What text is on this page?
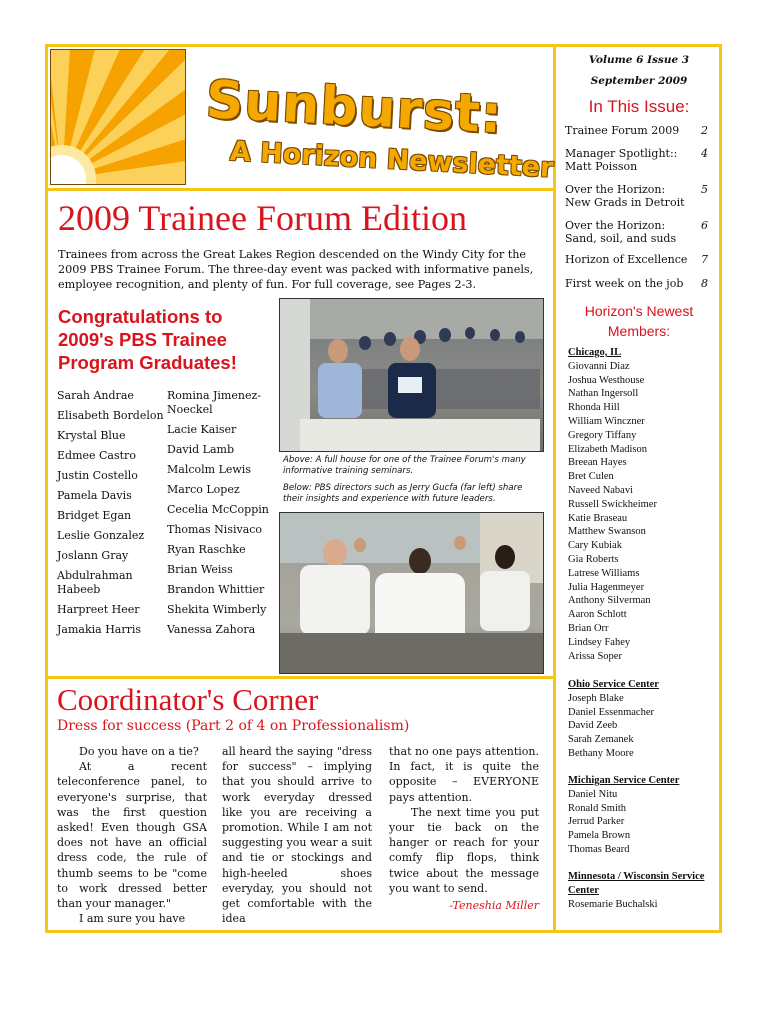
Sunburst:
A Horizon Newsletter
2009 Trainee Forum Edition
Trainees from across the Great Lakes Region descended on the Windy City for the 2009 PBS Trainee Forum. The three-day event was packed with informative panels, employee recognition, and plenty of fun. For full coverage, see Pages 2-3.
Congratulations to 2009's PBS Trainee Program Graduates!
Sarah Andrae
Elisabeth Bordelon
Krystal Blue
Edmee Castro
Justin Costello
Pamela Davis
Bridget Egan
Leslie Gonzalez
Joslann Gray
Abdulrahman Habeeb
Harpreet Heer
Jamakia Harris
Romina Jimenez-Noeckel
Lacie Kaiser
David Lamb
Malcolm Lewis
Marco Lopez
Cecelia McCoppin
Thomas Nisivaco
Ryan Raschke
Brian Weiss
Brandon Whittier
Shekita Wimberly
Vanessa Zahora
Above: A full house for one of the Trainee Forum's many informative training seminars.
Below: PBS directors such as Jerry Gucfa (far left) share their insights and experience with future leaders.
Coordinator's Corner
Dress for success (Part 2 of 4 on Professionalism)

Do you have on a tie?

At a recent teleconference panel, to everyone's surprise, that was the first question asked! Even though GSA does not have an official dress code, the rule of thumb seems to be "come to work dressed better than your manager."

I am sure you have

all heard the saying "dress for success" – implying that you should arrive to work everyday dressed like you are receiving a promotion. While I am not suggesting you wear a suit and tie or stockings and high-heeled shoes everyday, you should not get comfortable with the idea

that no one pays attention. In fact, it is quite the opposite – EVERYONE pays attention.

The next time you put your tie back on the hanger or reach for your comfy flip flops, think twice about the message you want to send.

-Teneshia Miller
Volume 6 Issue 3
September 2009
In This Issue:
Trainee Forum 2009 2
Manager Spotlight:: Matt Poisson
4
Over the Horizon: New Grads in Detroit
5
Over the Horizon: Sand, soil, and suds
6
Horizon of Excellence 7
First week on the job 8
Horizon's Newest Members:
Chicago, IL
Giovanni Diaz
Joshua Westhouse
Nathan Ingersoll
Rhonda Hill
William Winczner
Gregory Tiffany
Elizabeth Madison
Breean Hayes
Bret Culen
Naveed Nabavi
Russell Swickheimer
Katie Braseau
Matthew Swanson
Cary Kubiak
Gia Roberts
Latrese Williams
Julia Hagenmeyer
Anthony Silverman
Aaron Schlott
Brian Orr
Lindsey Fahey
Arissa Soper
Ohio Service Center
Joseph Blake
Daniel Essenmacher
David Zeeb
Sarah Zemanek
Bethany Moore
Michigan Service Center
Daniel Nitu
Ronald Smith
Jerrud Parker
Pamela Brown
Thomas Beard
Minnesota / Wisconsin Service Center
Rosemarie Buchalski
